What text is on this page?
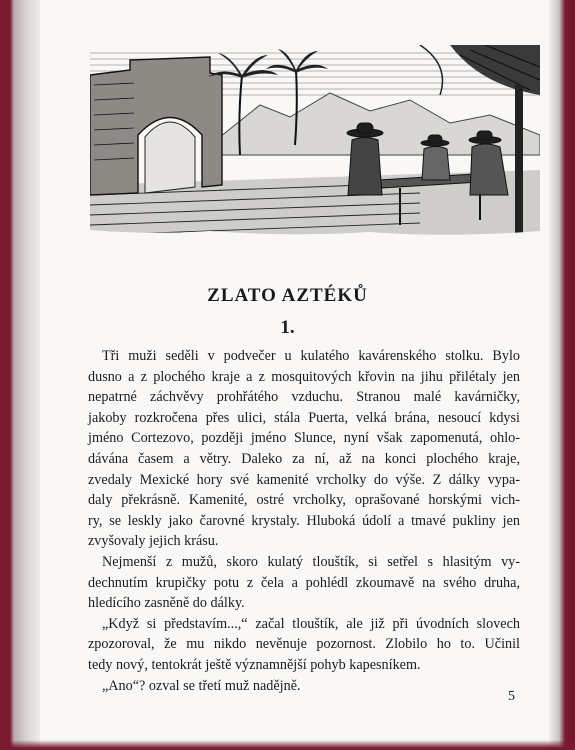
ZLATO AZTÉKŮ
1.
Tři muži seděli v podvečer u kulatého kavárenského stolku. Bylo
dusno a z plochého kraje a z mosquitových křovin na jihu přilétaly jen
nepatrné záchvěvy prohřátého vzduchu. Stranou malé kavárničky,
jakoby rozkročena přes ulici, stála Puerta, velká brána, nesoucí kdysi
jméno Cortezovo, později jméno Slunce, nyní však zapomenutá, ohlo-
dávána časem a větry. Daleko za ní, až na konci plochého kraje,
zvedaly Mexické hory své kamenité vrcholky do výše. Z dálky vypa-
daly překrásně. Kamenité, ostré vrcholky, oprašované horskými vich-
ry, se leskly jako čarovné krystaly. Hluboká údolí a tmavé pukliny jen
zvyšovaly jejich krásu.
Nejmenší z mužů, skoro kulatý tlouštík, si setřel s hlasitým vy-
dechnutím krupičky potu z čela a pohlédl zkoumavě na svého druha,
hledícího zasněně do dálky.
„Když si představím...,“ začal tlouštík, ale již při úvodních slovech
zpozoroval, že mu nikdo nevěnuje pozornost. Zlobilo ho to. Učinil
tedy nový, tentokrát ještě významnější pohyb kapesníkem.
„Ano“? ozval se třetí muž nadějně.
5
